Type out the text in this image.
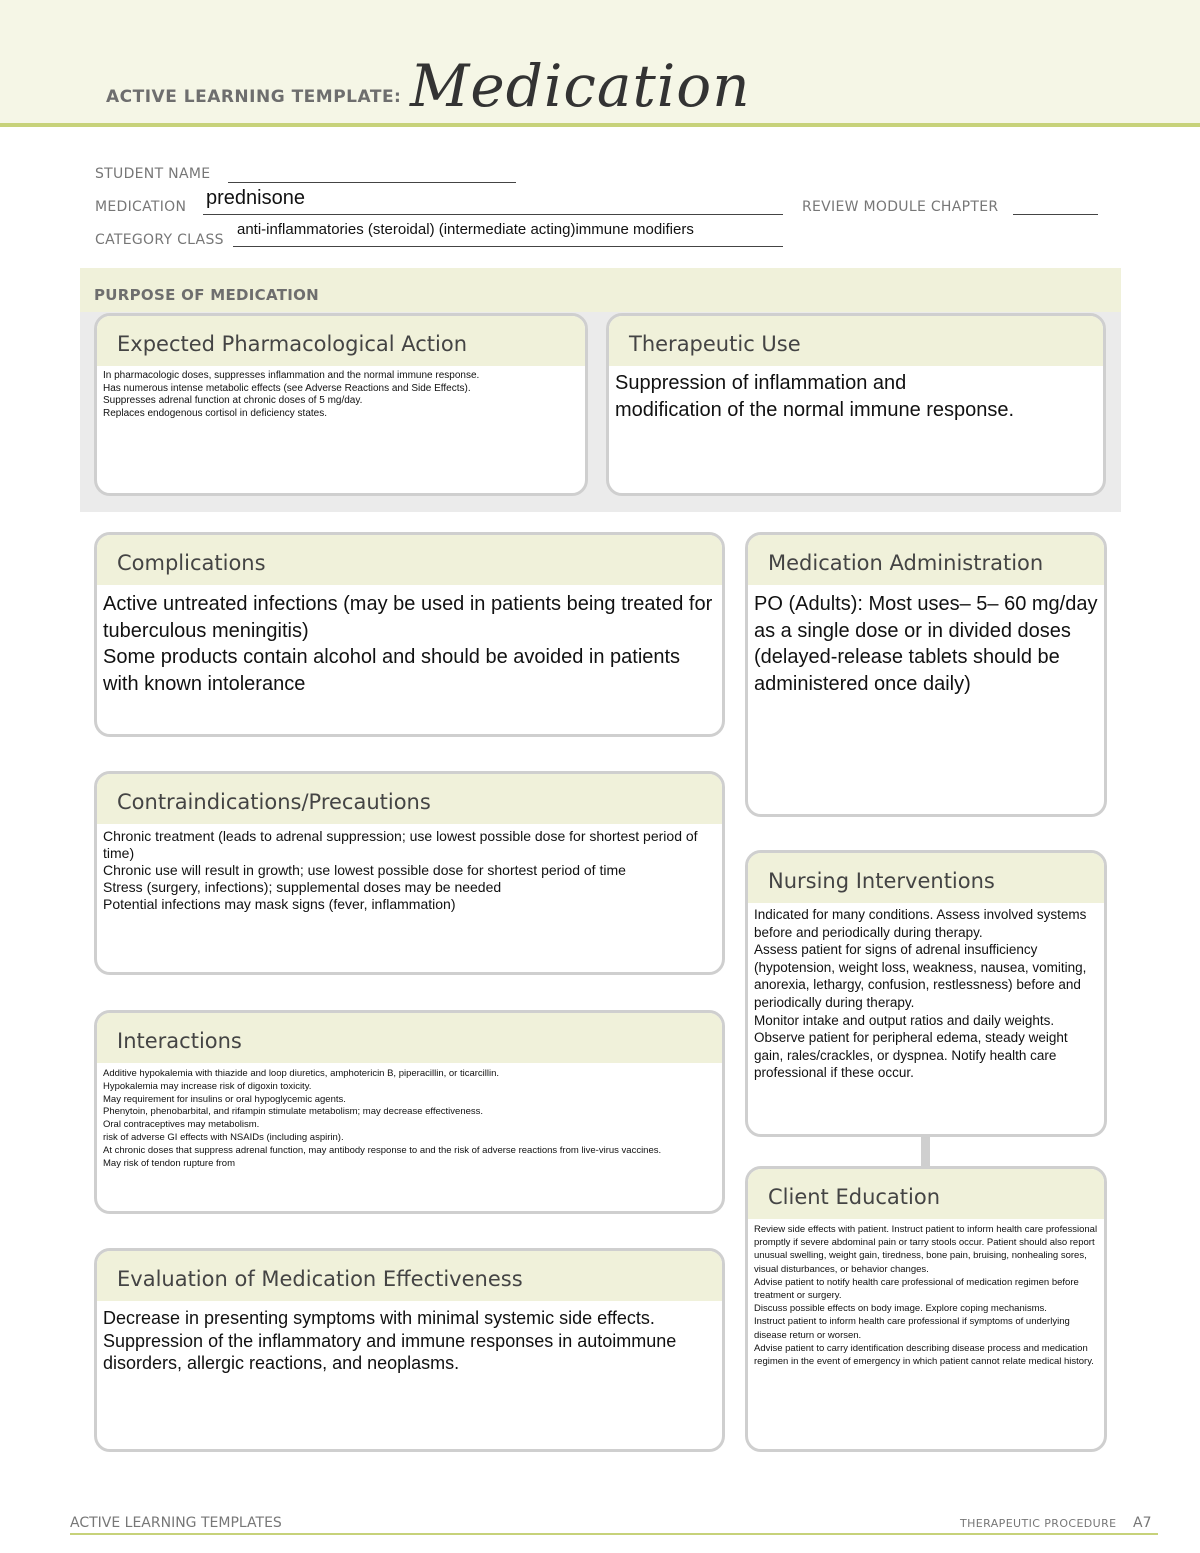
ACTIVE LEARNING TEMPLATE: Medication
STUDENT NAME
MEDICATION prednisone	REVIEW MODULE CHAPTER
CATEGORY CLASS
anti-inflammatories (steroidal) (intermediate acting)immune modifiers
PURPOSE OF MEDICATION
Expected Pharmacological Action
In pharmacologic doses, suppresses inflammation and the normal immune response.
Has numerous intense metabolic effects (see Adverse Reactions and Side Effects).
Suppresses adrenal function at chronic doses of 5 mg/day.
Replaces endogenous cortisol in deficiency states.
Therapeutic Use
Suppression of inflammation and
modification of the normal immune response.
Complications
Active untreated infections (may be used in patients being treated for tuberculous meningitis)
Some products contain alcohol and should be avoided in patients with known intolerance
Contraindications/Precautions
Chronic treatment (leads to adrenal suppression; use lowest possible dose for shortest period of time)
Chronic use will result in growth; use lowest possible dose for shortest period of time
Stress (surgery, infections); supplemental doses may be needed
Potential infections may mask signs (fever, inflammation)
Interactions
Additive hypokalemia with thiazide and loop diuretics, amphotericin B, piperacillin, or ticarcillin.
Hypokalemia may increase risk of digoxin toxicity.
May requirement for insulins or oral hypoglycemic agents.
Phenytoin, phenobarbital, and rifampin stimulate metabolism; may decrease effectiveness.
Oral contraceptives may metabolism.
risk of adverse GI effects with NSAIDs (including aspirin).
At chronic doses that suppress adrenal function, may antibody response to and the risk of adverse reactions from live-virus vaccines.
May risk of tendon rupture from
Evaluation of Medication Effectiveness
Decrease in presenting symptoms with minimal systemic side effects.
Suppression of the inflammatory and immune responses in autoimmune disorders, allergic reactions, and neoplasms.
Medication Administration
PO (Adults): Most uses– 5– 60 mg/day as a single dose or in divided doses (delayed-release tablets should be administered once daily)
Nursing Interventions
Indicated for many conditions. Assess involved systems before and periodically during therapy.
Assess patient for signs of adrenal insufficiency (hypotension, weight loss, weakness, nausea, vomiting, anorexia, lethargy, confusion, restlessness) before and periodically during therapy.
Monitor intake and output ratios and daily weights. Observe patient for peripheral edema, steady weight gain, rales/crackles, or dyspnea. Notify health care professional if these occur.
Client Education
Review side effects with patient. Instruct patient to inform health care professional promptly if severe abdominal pain or tarry stools occur. Patient should also report unusual swelling, weight gain, tiredness, bone pain, bruising, nonhealing sores, visual disturbances, or behavior changes.
Advise patient to notify health care professional of medication regimen before treatment or surgery.
Discuss possible effects on body image. Explore coping mechanisms.
Instruct patient to inform health care professional if symptoms of underlying disease return or worsen.
Advise patient to carry identification describing disease process and medication regimen in the event of emergency in which patient cannot relate medical history.
ACTIVE LEARNING TEMPLATES	THERAPEUTIC PROCEDURE A7
